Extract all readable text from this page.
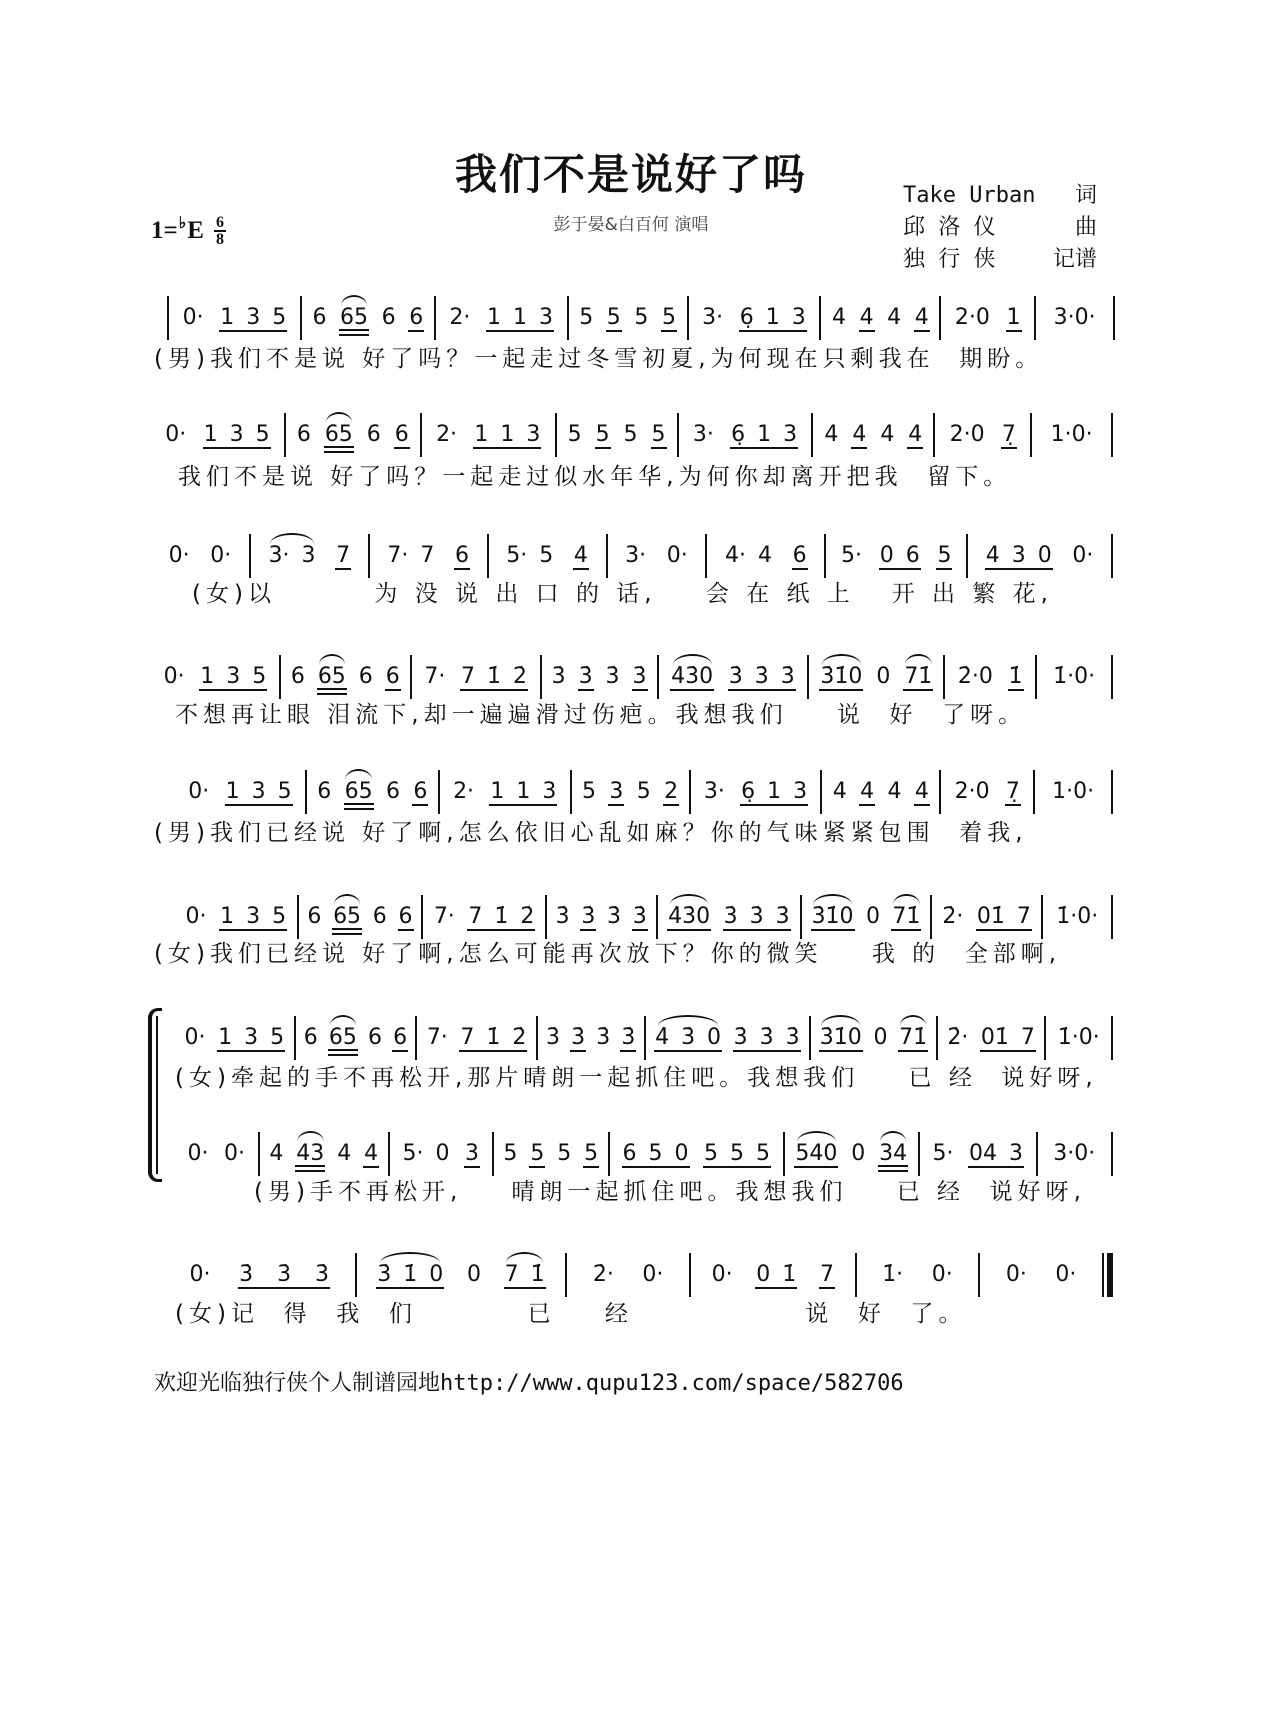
我们不是说好了吗
彭于晏&白百何 演唱
1=♭ E $\frac{6}{8}$
Take Urban 词
邱 洛 仪	曲
独 行 侠	记谱
欢迎光临独行侠个人制谱园地http://www.qupu123.com/space/582706
0· 1 3 5 6 65 6 6 2· 1 1 3 5 5 5 5 3· 6̣ 1 3 4 4 4 4 2·0 1 3·0·
(男)我们不是说 好了吗？一起走过冬雪初夏,为何现在只剩我在  期盼。
0· 1 3 5 6 65 6 6 2· 1 1 3 5 5 5 5 3· 6̣ 1 3 4 4 4 4 2·0 7̣ 1·0·
我们不是说 好了吗？一起走过似水年华,为何你却离开把我  留下。
0· 0· 3· 3 7 7· 7 6 5· 5 4 3· 0· 4· 4 6 5· 0 6 5 4 3 0 0·
(女)以        为 没 说 出 口 的 话,    会 在 纸 上   开 出 繁 花,
0· 1 3 5 6 65 6 6 7· 7 1̇ 2̇ 3̇ 3̇ 3̇ 3̇ 4̇3̇0 3̇ 3̇ 3̇ 3̇1̇0 0 71̇ 2̇·0 1̇ 1̇·0·
不想再让眼 泪流下,却一遍遍滑过伤疤。我想我们    说  好  了呀。
0· 1 3 5 6 65 6 6 2· 1 1 3 5 3 5 2 3· 6̣ 1 3 4 4 4 4 2·0 7̣ 1·0·
(男)我们已经说 好了啊,怎么依旧心乱如麻？你的气味紧紧包围  着我,
0· 1 3 5 6 65 6 6 7· 7 1̇ 2̇ 3̇ 3̇ 3̇ 3̇ 4̇3̇0 3̇ 3̇ 3̇ 3̇1̇0 0 71̇ 2̇· 01̇ 7 1̇·0·
(女)我们已经说 好了啊,怎么可能再次放下？你的微笑    我 的  全部啊,
0· 1 3 5 6 65 6 6 7· 7 1̇ 2̇ 3̇ 3̇ 3̇ 3̇ 4̇ 3̇ 0 3̇ 3̇ 3̇ 3̇1̇0 0 71̇ 2̇· 01̇ 7 1̇·0·
(女)牵起的手不再松开,那片晴朗一起抓住吧。我想我们    已 经  说好呀,
0· 0· 4 43 4 4 5· 0 3 5 5 5 5 6 5 0 5 5 5 540 0 34 5· 04 3 3·0·
(男)手不再松开,    晴朗一起抓住吧。我想我们    已 经  说好呀,
0· 3̇  3̇  3̇ 3̇ 1̇ 0 0 7 1̇ 2̇· 0· 0· 0 1̇ 7 1̇· 0· 0· 0·
(女)记  得  我  们         已    经              说  好  了。
